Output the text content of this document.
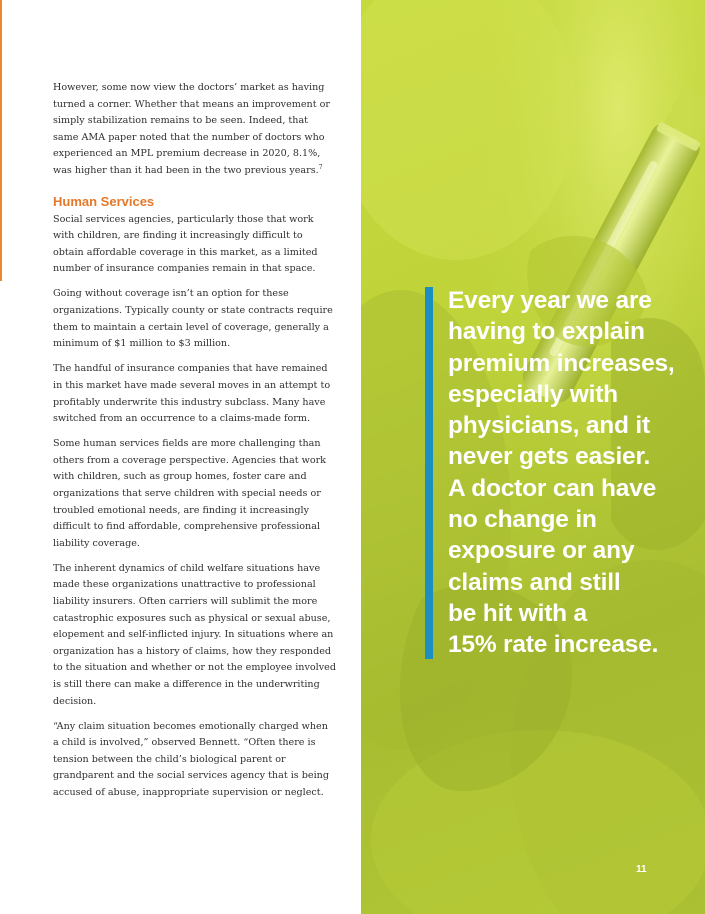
However, some now view the doctors’ market as having turned a corner. Whether that means an improvement or simply stabilization remains to be seen. Indeed, that same AMA paper noted that the number of doctors who experienced an MPL premium decrease in 2020, 8.1%, was higher than it had been in the two previous years.$^7$

Human Services

Social services agencies, particularly those that work with children, are finding it increasingly difficult to obtain affordable coverage in this market, as a limited number of insurance companies remain in that space.

Going without coverage isn’t an option for these organizations. Typically county or state contracts require them to maintain a certain level of coverage, generally a minimum of $1 million to $3 million.

The handful of insurance companies that have remained in this market have made several moves in an attempt to profitably underwrite this industry subclass. Many have switched from an occurrence to a claims-made form.

Some human services fields are more challenging than others from a coverage perspective. Agencies that work with children, such as group homes, foster care and organizations that serve children with special needs or troubled emotional needs, are finding it increasingly difficult to find affordable, comprehensive professional liability coverage.

The inherent dynamics of child welfare situations have made these organizations unattractive to professional liability insurers. Often carriers will sublimit the more catastrophic exposures such as physical or sexual abuse, elopement and self-inflicted injury. In situations where an organization has a history of claims, how they responded to the situation and whether or not the employee involved is still there can make a difference in the underwriting decision.

“Any claim situation becomes emotionally charged when a child is involved,” observed Bennett. “Often there is tension between the child’s biological parent or grandparent and the social services agency that is being accused of abuse, inappropriate supervision or neglect.

Every year we are
having to explain
premium increases,
especially with
physicians, and it
never gets easier.
A doctor can have
no change in
exposure or any
claims and still
be hit with a
15% rate increase.
11
